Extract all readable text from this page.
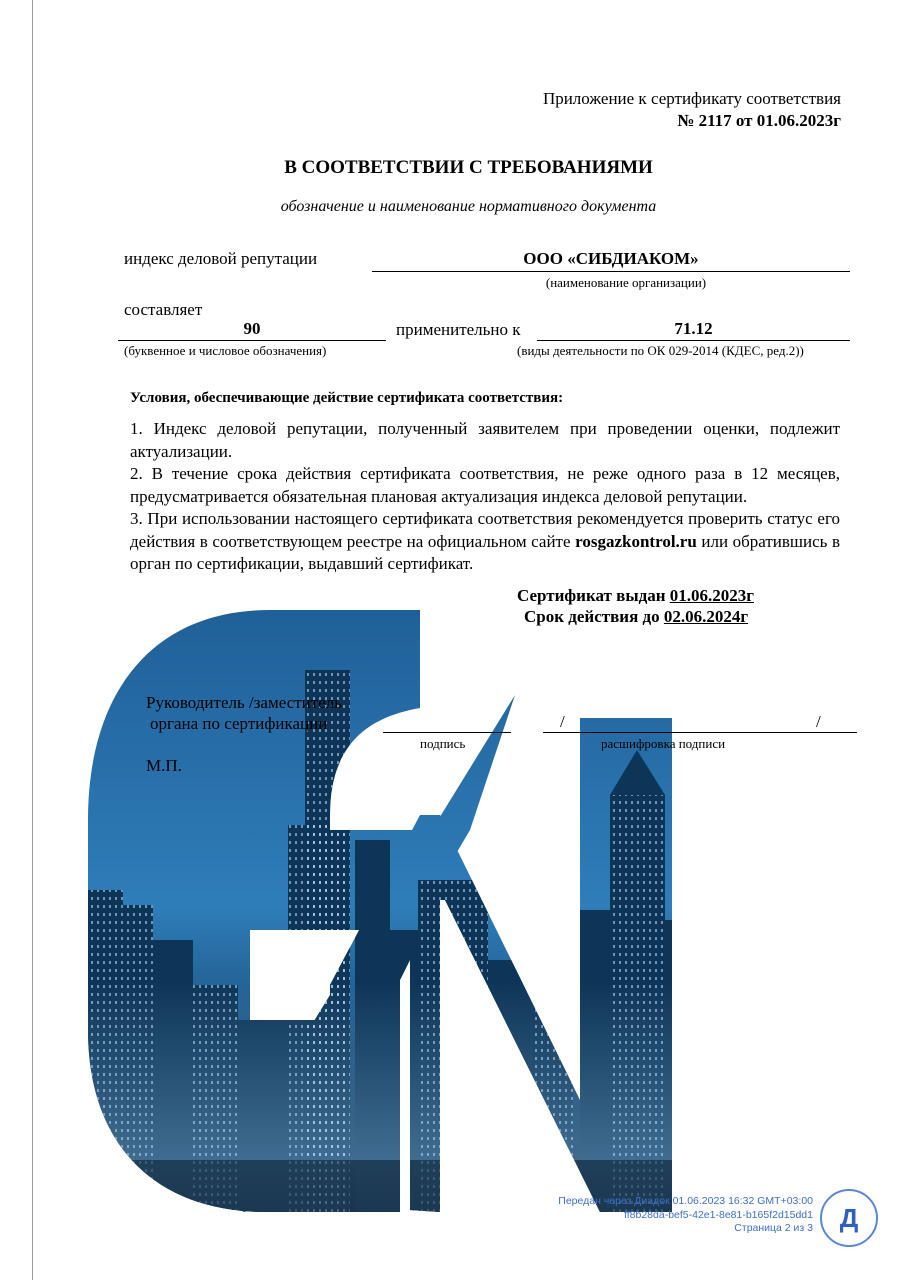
Приложение к сертификату соответствия
№ 2117 от 01.06.2023г
В СООТВЕТСТВИИ С ТРЕБОВАНИЯМИ
обозначение и наименование нормативного документа
индекс деловой репутации	ООО «СИБДИАКОМ»
(наименование организации)
составляет
90
(буквенное и числовое обозначения)
применительно к	71.12
(виды деятельности по ОК 029-2014 (КДЕС, ред.2))
Условия, обеспечивающие действие сертификата соответствия:

1. Индекс деловой репутации, полученный заявителем при проведении оценки, подлежит актуализации.

2. В течение срока действия сертификата соответствия, не реже одного раза в 12 месяцев, предусматривается обязательная плановая актуализация индекса деловой репутации.

3. При использовании настоящего сертификата соответствия рекомендуется проверить статус его действия в соответствующем реестре на официальном сайте rosgazkontrol.ru или обратившись в орган по сертификации, выдавший сертификат.

Сертификат выдан 01.06.2023г
Срок действия до 02.06.2024г
Руководитель /заместитель
органа по сертификации
подпись
/	/
расшифровка подписи
М.П.
Передан через Диадок 01.06.2023 16:32 GMT+03:00
ff8b28da-bef5-42e1-8e81-b165f2d15dd1
Страница 2 из 3	Д
